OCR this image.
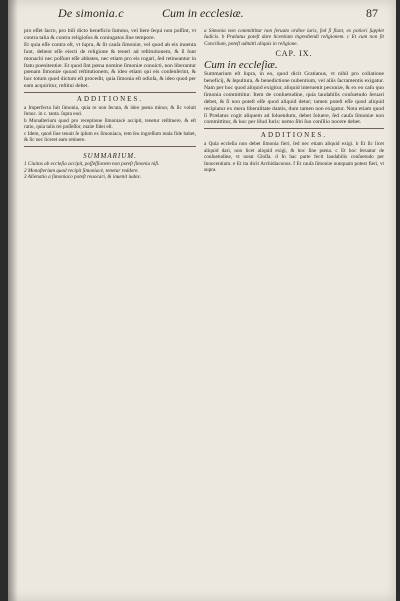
De simonia.c	Cum in ecclesiæ.	87

pro eſſet ſacro, pro biſi dicto beneficio ſummo, vel liere ſequi non poſſint, vt contra talia & contra religioſos & coniugatos ſine tempore.

Et quia eſſe contra eſt, vt ſupra, & ſit cauſa ſimoniæ, vel quod ab eis inuenta ſunt, debent eſſe eiecti de religione & teneri ad reſtitutionem, & ſi ſunt monachi nec poſſunt eſſe abbates, nec etiam pro eis rogari, ſed retineantur in ſtatu poenitentiæ. Et quod ſint pœna nomine ſimoniæ conuicti, non liberantur pœnam ſimoniæ quoad reſtitutionem, & ideo etiam qui eis conſenſerint, & hoc totum quod dictum eſt procedit, quia ſimonia eſt odioſa, & ideo quod per eam acquiritur, reſtitui debet.

ADDITIONES.

a Imperfecta ſuit ſimonia, quia re non ſecuta, & ideo pœna minor, & ſic voluit Innoc. in c. tanta. ſupra eod.

b Monaſterium quod pro receptione ſimoniacè accipit, tenetur reſtituere, & eſt ratio, quia talis rei poſſeſſor, malæ fidei eſt.

c Idem, quod ſiue tenuit ſe ipſum ex ſimoniaca, rem ſeu ingreſſum mala fide habet, & ſic nec liceret eam retinere.

SUMMARIUM.

1 Ciuitas ab eccleſia accipit, poſſeſſionem non poteſt ſimonia niſi.

2 Monaſterium quod recipit ſimoniacè, tenetur reddere.

3 Alienatio a ſimoniaco poteſt reuocari, & inuenit iudex.

a Simonia non committitur non ſeruato ordine iuris, ſed ſi fiunt, ex potiori ſupplet Iudicis. b Prælatus poteſt dare licentiam ingrediendi religionem. c Et cum non ſit Concilium, poteſt admitti aliquis in religione.

CAP. IX.
Cum in eccleſiæ.

Summarium eſt ſupra, in eo, quod dicit Gratianus, vt nihil pro collatione beneficij, & ſepultura, & benedictione nubentium, vel aliis ſacramentis exigatur. Nam per hoc quod aliquid exigitur, aliquid interuenit pecuniæ, & ex eo caſu quo ſimonia committitur. Item de conſuetudine, quia laudabilis conſuetudo ſeruari debet, & ſi non poteſt eſſe quod aliquid detur; tamen poteſt eſſe quod aliquid recipiatur ex mera liberalitate dantis, dum tamen non exigatur. Nota etiam quod ſi Prælatus cogit aliquem ad ſoluendum, debet ſoluere, ſed cauſa ſimoniæ non committitur, & hoc per illud Iuris: nemo ſibi ſuo conſilio nocere debet.

ADDITIONES.

a Quia eccleſia non debet ſimonia fieri, ſed nec etiam aliquid exigi. b Et ſic licet aliquid dari, non licet aliquid exigi, & hoc ſine pœna. c Et hoc ſeruatur de conſuetudine, vt notat Gloſſa. d In hac parte fecit laudabilis conſuetudo per Innocentium. e Et ita dicit Archidiaconus. f Et cauſa ſimoniæ nunquam potest fieri, vt supra.
